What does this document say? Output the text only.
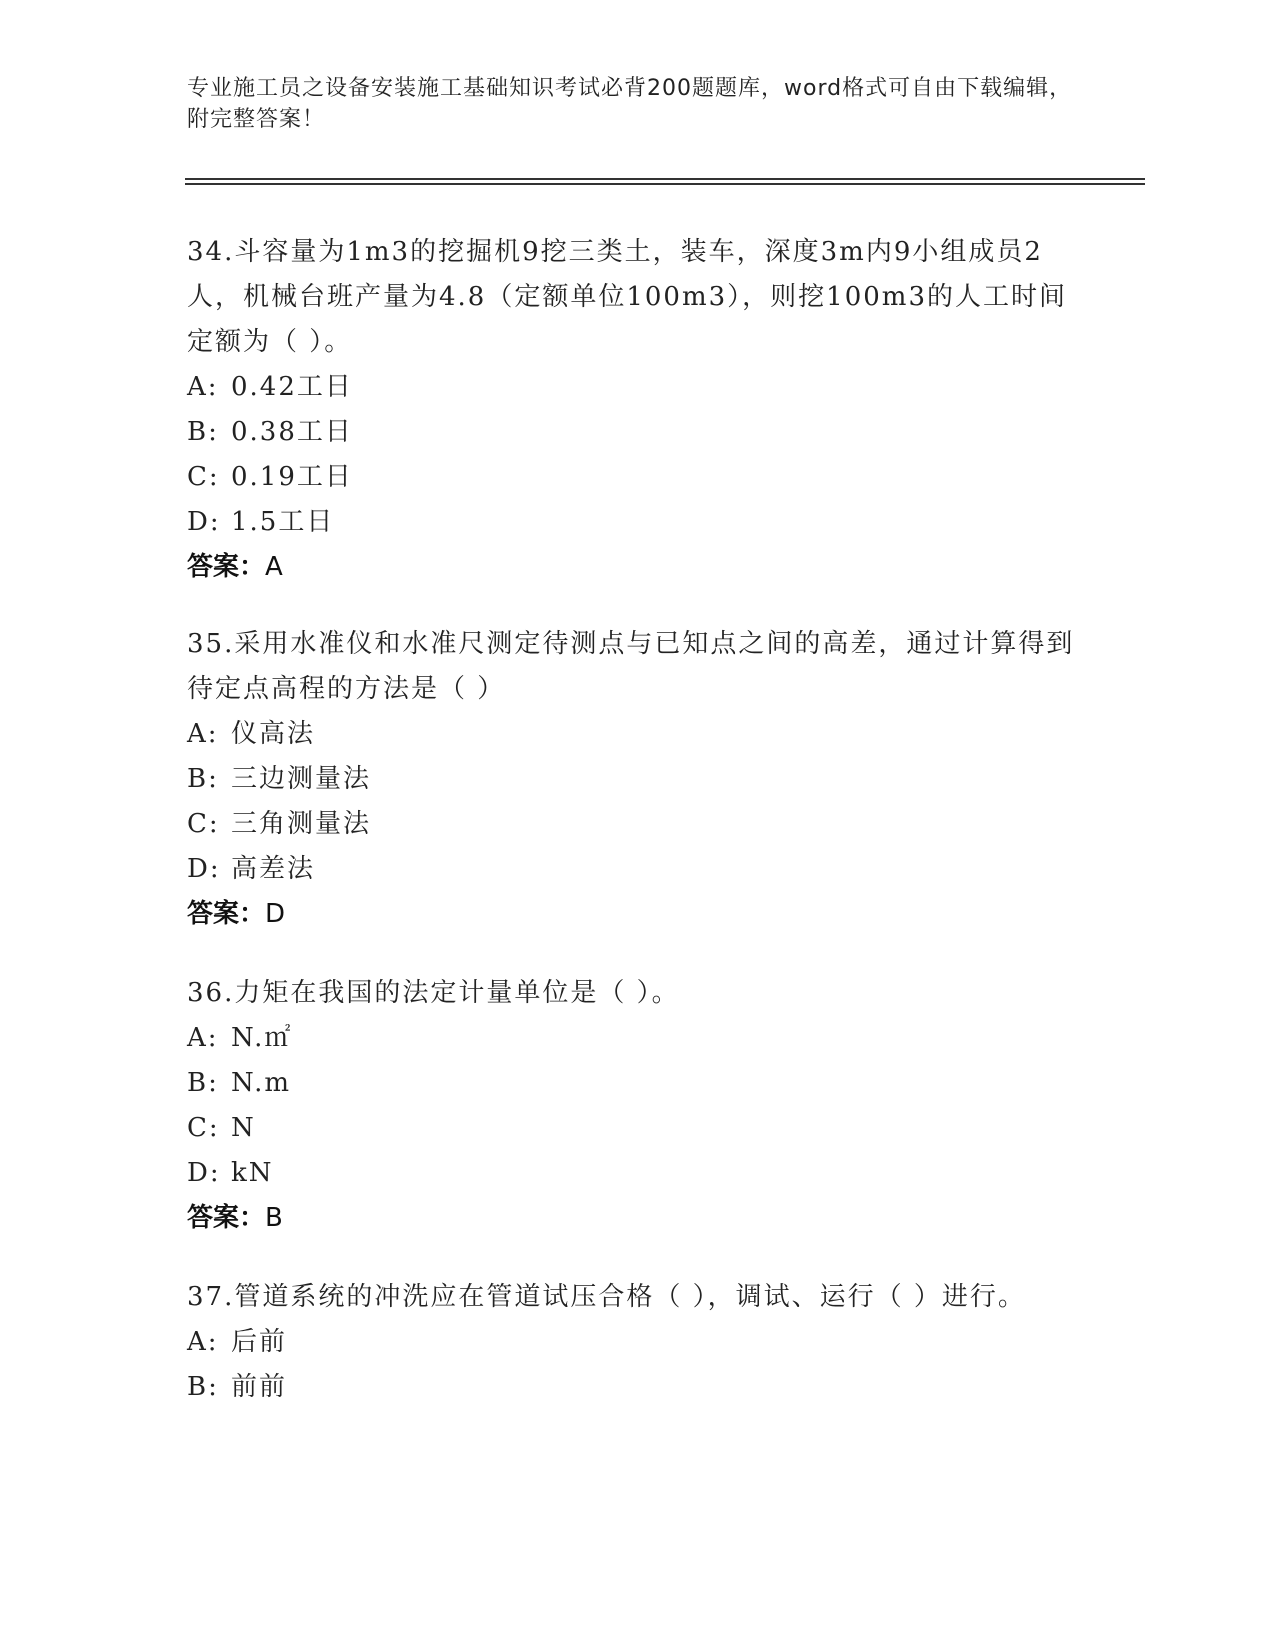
专业施工员之设备安装施工基础知识考试必背200题题库，word格式可自由下载编辑，附完整答案！

34.斗容量为1m3的挖掘机9挖三类土，装车，深度3m内9小组成员2人，机械台班产量为4.8（定额单位100m3），则挖100m3的人工时间定额为（ ）。

A: 0.42工日

B: 0.38工日

C: 0.19工日

D: 1.5工日

答案：A

35.采用水准仪和水准尺测定待测点与已知点之间的高差，通过计算得到待定点高程的方法是（ ）

A: 仪高法

B: 三边测量法

C: 三角测量法

D: 高差法

答案：D

36.力矩在我国的法定计量单位是（ ）。

A: N.㎡

B: N.m

C: N

D: kN

答案：B

37.管道系统的冲洗应在管道试压合格（ ），调试、运行（ ）进行。

A: 后前

B: 前前
